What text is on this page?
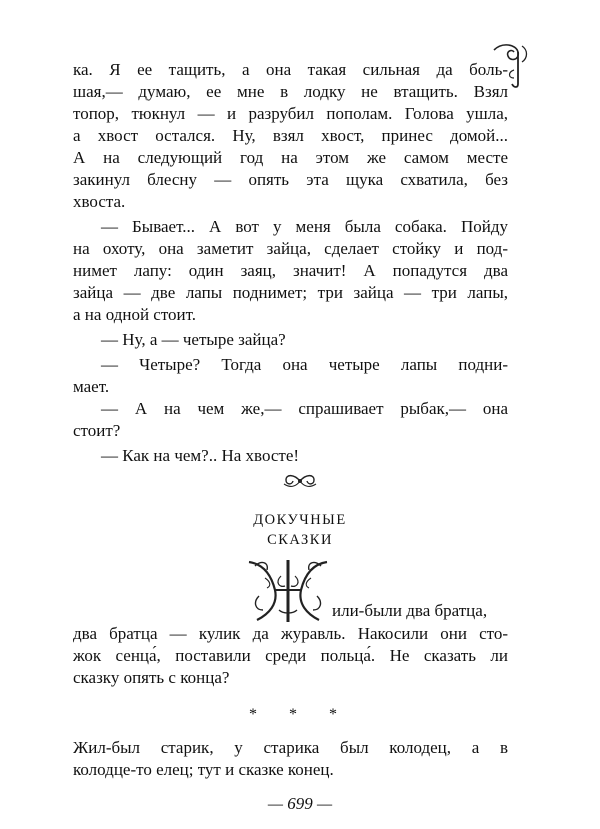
ка. Я ее тащить, а она такая сильная да боль-
шая,— думаю, ее мне в лодку не втащить. Взял
топор, тюкнул — и разрубил пополам. Голова ушла,
а хвост остался. Ну, взял хвост, принес домой...
А на следующий год на этом же самом месте
закинул блесну — опять эта щука схватила, без
хвоста.
— Бывает... А вот у меня была собака. Пойду
на охоту, она заметит зайца, сделает стойку и под-
нимет лапу: один заяц, значит! А попадутся два
зайца — две лапы поднимет; три зайца — три лапы,
а на одной стоит.
— Ну, а — четыре зайца?
— Четыре? Тогда она четыре лапы подни-
мает.
— А на чем же,— спрашивает рыбак,— она
стоит?
— Как на чем?.. На хвосте!
ДОКУЧНЫЕ
СКАЗКИ
или-были два братца,
два братца — кулик да журавль. Накосили они сто-
жок сенца́, поставили среди польца́. Не сказать ли
сказку опять с конца?
* * *
Жил-был старик, у старика был колодец, а в
колодце-то елец; тут и сказке конец.
— 699 —
